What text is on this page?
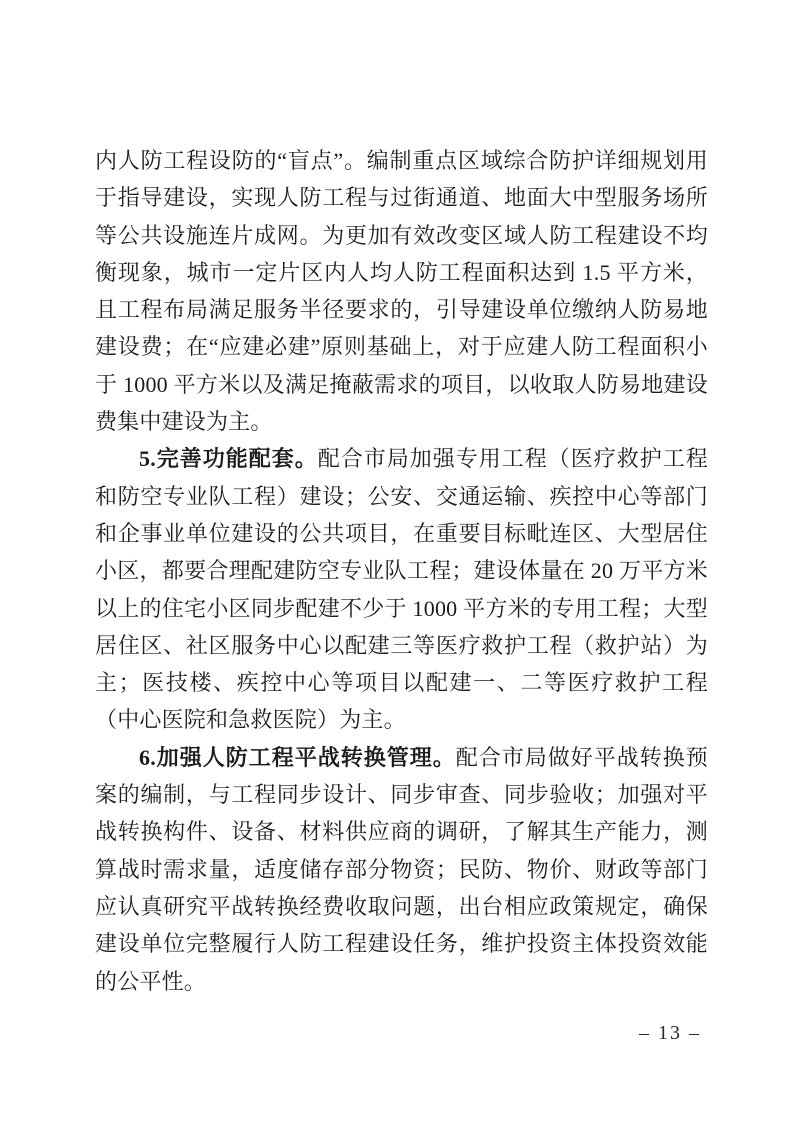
内人防工程设防的“盲点”。编制重点区域综合防护详细规划用于指导建设，实现人防工程与过街通道、地面大中型服务场所等公共设施连片成网。为更加有效改变区域人防工程建设不均衡现象，城市一定片区内人均人防工程面积达到 1.5 平方米，且工程布局满足服务半径要求的，引导建设单位缴纳人防易地建设费；在“应建必建”原则基础上，对于应建人防工程面积小于 1000 平方米以及满足掩蔽需求的项目，以收取人防易地建设费集中建设为主。

5.完善功能配套。配合市局加强专用工程（医疗救护工程和防空专业队工程）建设；公安、交通运输、疾控中心等部门和企事业单位建设的公共项目，在重要目标毗连区、大型居住小区，都要合理配建防空专业队工程；建设体量在 20 万平方米以上的住宅小区同步配建不少于 1000 平方米的专用工程；大型居住区、社区服务中心以配建三等医疗救护工程（救护站）为主；医技楼、疾控中心等项目以配建一、二等医疗救护工程（中心医院和急救医院）为主。

6.加强人防工程平战转换管理。配合市局做好平战转换预案的编制，与工程同步设计、同步审查、同步验收；加强对平战转换构件、设备、材料供应商的调研，了解其生产能力，测算战时需求量，适度储存部分物资；民防、物价、财政等部门应认真研究平战转换经费收取问题，出台相应政策规定，确保建设单位完整履行人防工程建设任务，维护投资主体投资效能的公平性。

– 13 –
